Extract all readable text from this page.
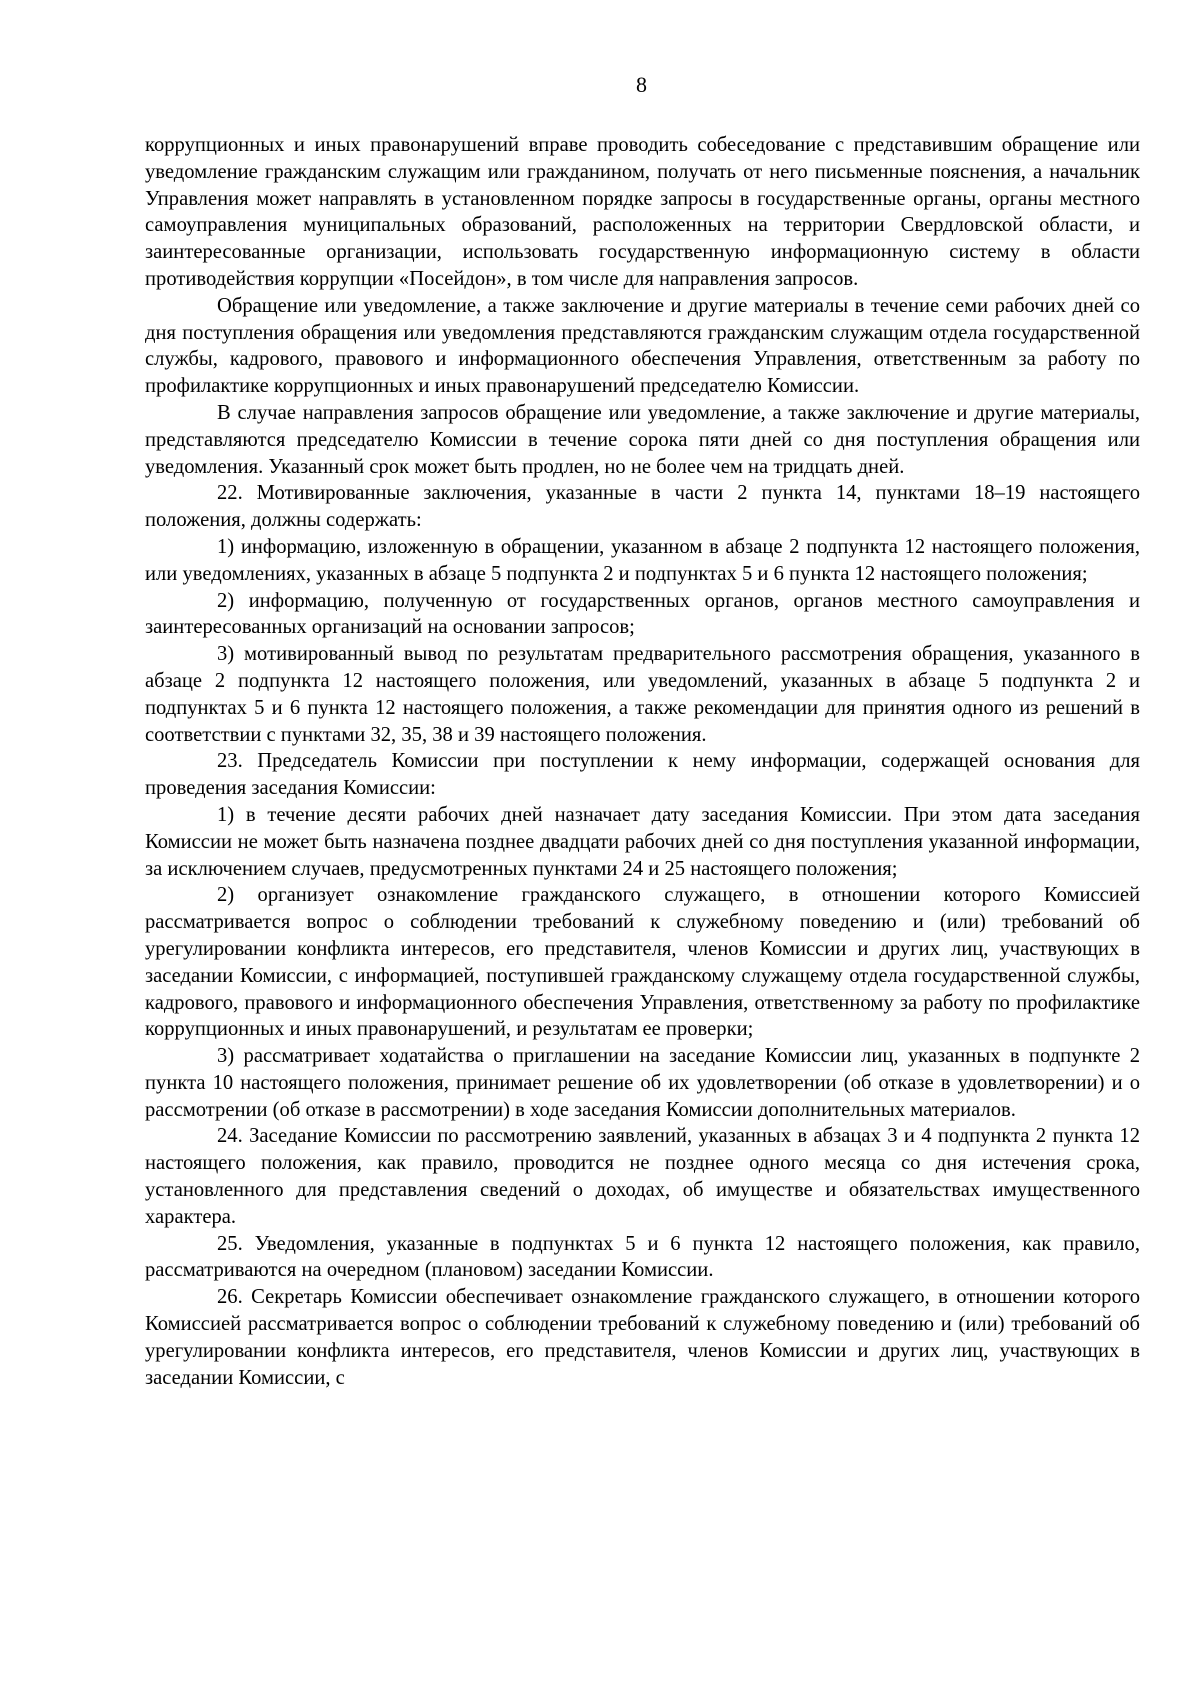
8

коррупционных и иных правонарушений вправе проводить собеседование с представившим обращение или уведомление гражданским служащим или гражданином, получать от него письменные пояснения, а начальник Управления может направлять в установленном порядке запросы в государственные органы, органы местного самоуправления муниципальных образований, расположенных на территории Свердловской области, и заинтересованные организации, использовать государственную информационную систему в области противодействия коррупции «Посейдон», в том числе для направления запросов.

Обращение или уведомление, а также заключение и другие материалы в течение семи рабочих дней со дня поступления обращения или уведомления представляются гражданским служащим отдела государственной службы, кадрового, правового и информационного обеспечения Управления, ответственным за работу по профилактике коррупционных и иных правонарушений председателю Комиссии.

В случае направления запросов обращение или уведомление, а также заключение и другие материалы, представляются председателю Комиссии в течение сорока пяти дней со дня поступления обращения или уведомления. Указанный срок может быть продлен, но не более чем на тридцать дней.

22. Мотивированные заключения, указанные в части 2 пункта 14, пунктами 18–19 настоящего положения, должны содержать:

1) информацию, изложенную в обращении, указанном в абзаце 2 подпункта 12 настоящего положения, или уведомлениях, указанных в абзаце 5 подпункта 2 и подпунктах 5 и 6 пункта 12 настоящего положения;

2) информацию, полученную от государственных органов, органов местного самоуправления и заинтересованных организаций на основании запросов;

3) мотивированный вывод по результатам предварительного рассмотрения обращения, указанного в абзаце 2 подпункта 12 настоящего положения, или уведомлений, указанных в абзаце 5 подпункта 2 и подпунктах 5 и 6 пункта 12 настоящего положения, а также рекомендации для принятия одного из решений в соответствии с пунктами 32, 35, 38 и 39 настоящего положения.

23. Председатель Комиссии при поступлении к нему информации, содержащей основания для проведения заседания Комиссии:

1) в течение десяти рабочих дней назначает дату заседания Комиссии. При этом дата заседания Комиссии не может быть назначена позднее двадцати рабочих дней со дня поступления указанной информации, за исключением случаев, предусмотренных пунктами 24 и 25 настоящего положения;

2) организует ознакомление гражданского служащего, в отношении которого Комиссией рассматривается вопрос о соблюдении требований к служебному поведению и (или) требований об урегулировании конфликта интересов, его представителя, членов Комиссии и других лиц, участвующих в заседании Комиссии, с информацией, поступившей гражданскому служащему отдела государственной службы, кадрового, правового и информационного обеспечения Управления, ответственному за работу по профилактике коррупционных и иных правонарушений, и результатам ее проверки;

3) рассматривает ходатайства о приглашении на заседание Комиссии лиц, указанных в подпункте 2 пункта 10 настоящего положения, принимает решение об их удовлетворении (об отказе в удовлетворении) и о рассмотрении (об отказе в рассмотрении) в ходе заседания Комиссии дополнительных материалов.

24. Заседание Комиссии по рассмотрению заявлений, указанных в абзацах 3 и 4 подпункта 2 пункта 12 настоящего положения, как правило, проводится не позднее одного месяца со дня истечения срока, установленного для представления сведений о доходах, об имуществе и обязательствах имущественного характера.

25. Уведомления, указанные в подпунктах 5 и 6 пункта 12 настоящего положения, как правило, рассматриваются на очередном (плановом) заседании Комиссии.

26. Секретарь Комиссии обеспечивает ознакомление гражданского служащего, в отношении которого Комиссией рассматривается вопрос о соблюдении требований к служебному поведению и (или) требований об урегулировании конфликта интересов, его представителя, членов Комиссии и других лиц, участвующих в заседании Комиссии, с
